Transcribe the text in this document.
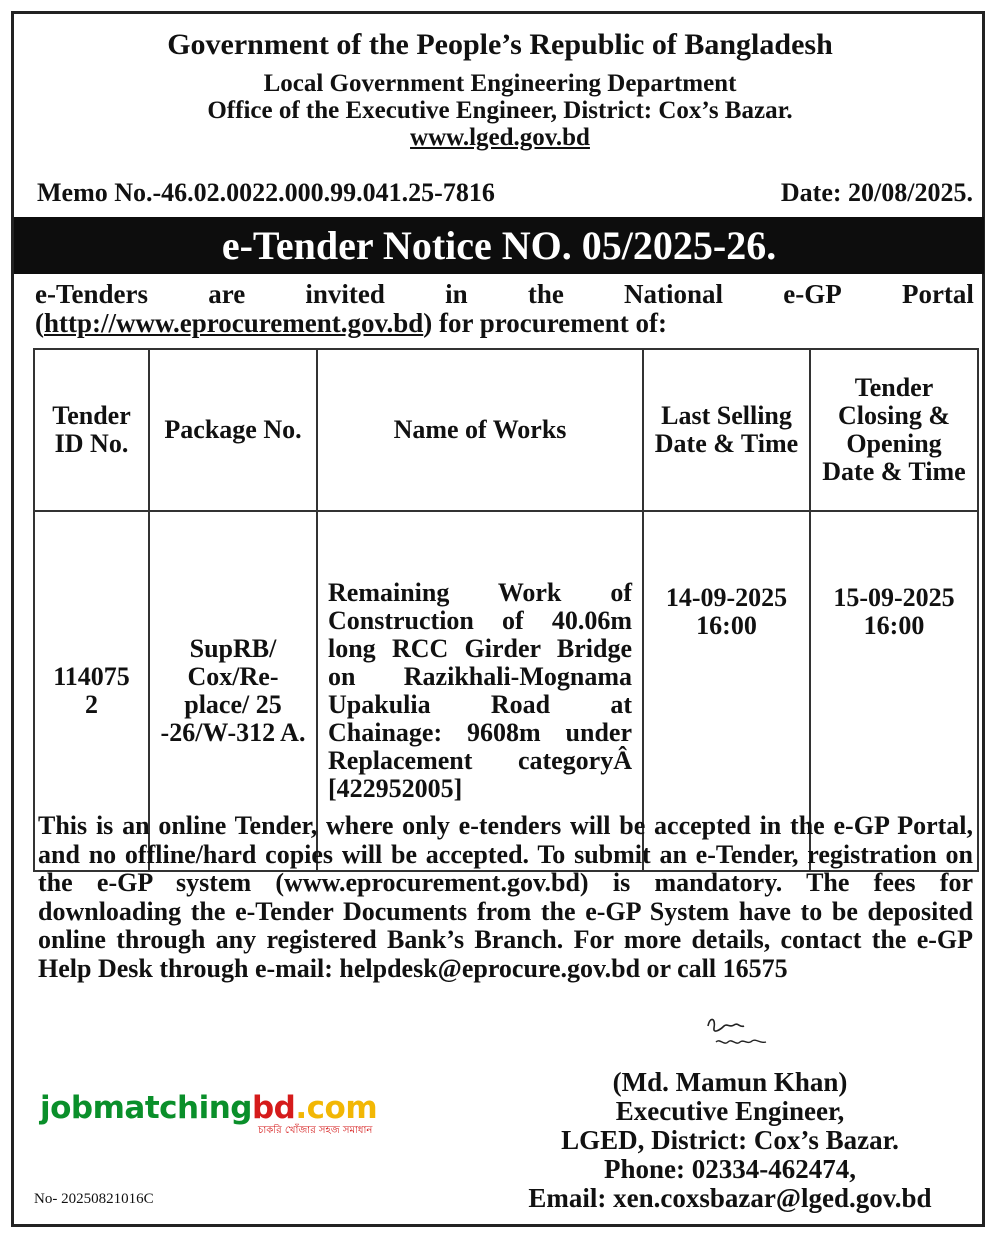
Government of the People’s Republic of Bangladesh
Local Government Engineering Department
Office of the Executive Engineer, District: Cox’s Bazar.
www.lged.gov.bd
Memo No.-46.02.0022.000.99.041.25-7816	Date: 20/08/2025.
e-Tender Notice NO. 05/2025-26.
e-Tenders are invited in the National e-GP Portal
(http://www.eprocurement.gov.bd) for procurement of:
Tender ID No.	Package No.	Name of Works	Last Selling Date & Time	Tender Closing & Opening Date & Time
1140752	SupRB/ Cox/Re-place/ 25 -26/W-312 A.	Remaining Work of Construction of 40.06m long RCC Girder Bridge on Razikhali-Mognama Upakulia Road at Chainage: 9608m under Replacement categoryÂ [422952005]	14-09-2025 16:00	15-09-2025 16:00
This is an online Tender, where only e-tenders will be accepted in the e-GP Portal, and no offline/hard copies will be accepted. To submit an e-Tender, registration on the e-GP system (www.eprocurement.gov.bd) is mandatory. The fees for downloading the e-Tender Documents from the e-GP System have to be deposited online through any registered Bank’s Branch. For more details, contact the e-GP Help Desk through e-mail: helpdesk@eprocure.gov.bd or call 16575
jobmatchingbd.com
চাকরি খোঁজার সহজ সমাধান
(Md. Mamun Khan)
Executive Engineer,
LGED, District: Cox’s Bazar.
Phone: 02334-462474,
Email: xen.coxsbazar@lged.gov.bd
No- 20250821016C
